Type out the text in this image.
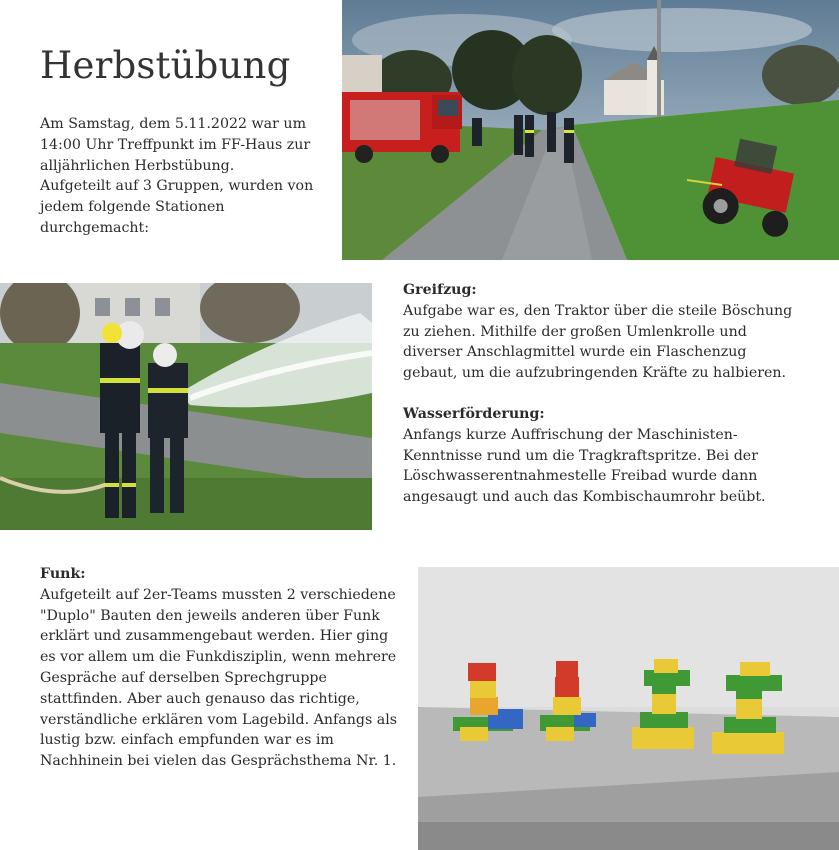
Herbstübung

Am Samstag, dem 5.11.2022 war um

14:00 Uhr Treffpunkt im FF-Haus zur

alljährlichen Herbstübung.

Aufgeteilt auf 3 Gruppen, wurden von

jedem folgende Stationen

durchgemacht:

Greifzug:

Aufgabe war es, den Traktor über die steile Böschung

zu ziehen. Mithilfe der großen Umlenkrolle und

diverser Anschlagmittel wurde ein Flaschenzug

gebaut, um die aufzubringenden Kräfte zu halbieren.

Wasserförderung:

Anfangs kurze Auffrischung der Maschinisten-

Kenntnisse rund um die Tragkraftspritze. Bei der

Löschwasserentnahmestelle Freibad wurde dann

angesaugt und auch das Kombischaumrohr beübt.

Funk:

Aufgeteilt auf 2er-Teams mussten 2 verschiedene

"Duplo" Bauten den jeweils anderen über Funk

erklärt und zusammengebaut werden. Hier ging

es vor allem um die Funkdisziplin, wenn mehrere

Gespräche auf derselben Sprechgruppe

stattfinden. Aber auch genauso das richtige,

verständliche erklären vom Lagebild. Anfangs als

lustig bzw. einfach empfunden war es im

Nachhinein bei vielen das Gesprächsthema Nr. 1.
